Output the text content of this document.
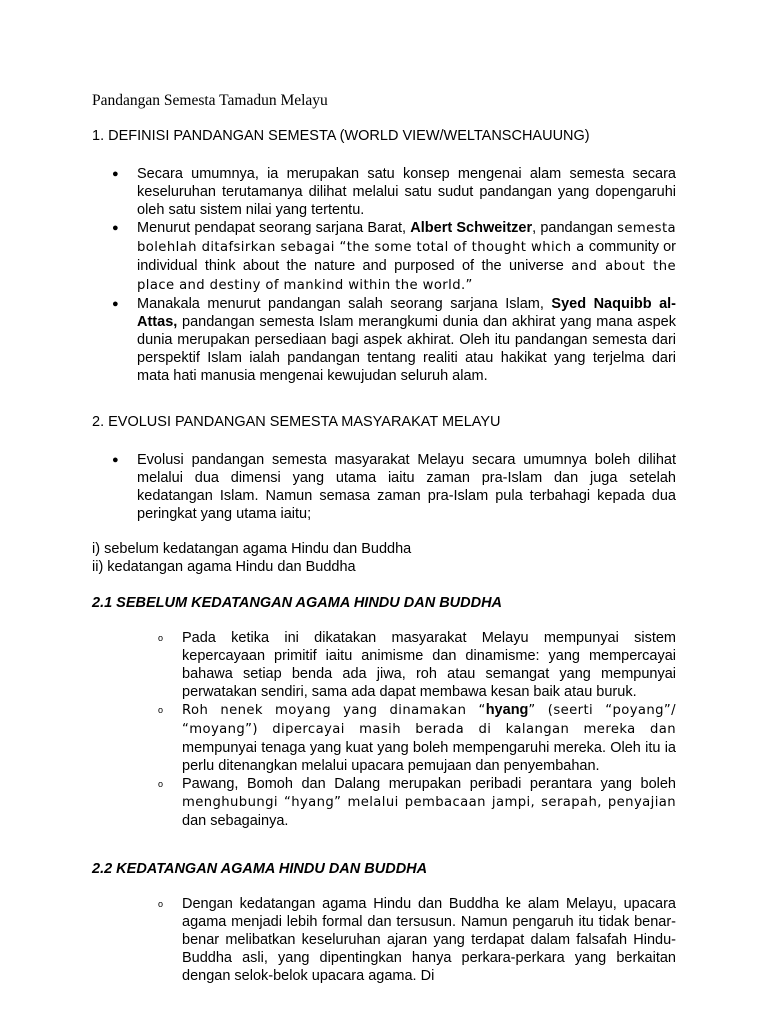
Pandangan Semesta Tamadun Melayu
1. DEFINISI PANDANGAN SEMESTA (WORLD VIEW/WELTANSCHAUUNG)
● Secara umumnya, ia merupakan satu konsep mengenai alam semesta secara keseluruhan terutamanya dilihat melalui satu sudut pandangan yang dopengaruhi oleh satu sistem nilai yang tertentu.
● Menurut pendapat seorang sarjana Barat, Albert Schweitzer, pandangan semesta bolehlah ditafsirkan sebagai “the some total of thought which a community or individual think about the nature and purposed of the universe and about the place and destiny of mankind within the world.”
● Manakala menurut pandangan salah seorang sarjana Islam, Syed Naquibb al-Attas, pandangan semesta Islam merangkumi dunia dan akhirat yang mana aspek dunia merupakan persediaan bagi aspek akhirat. Oleh itu pandangan semesta dari perspektif Islam ialah pandangan tentang realiti atau hakikat yang terjelma dari mata hati manusia mengenai kewujudan seluruh alam.
2. EVOLUSI PANDANGAN SEMESTA MASYARAKAT MELAYU
● Evolusi pandangan semesta masyarakat Melayu secara umumnya boleh dilihat melalui dua dimensi yang utama iaitu zaman pra-Islam dan juga setelah kedatangan Islam. Namun semasa zaman pra-Islam pula terbahagi kepada dua peringkat yang utama iaitu;

i) sebelum kedatangan agama Hindu dan Buddha

ii) kedatangan agama Hindu dan Buddha

2.1 SEBELUM KEDATANGAN AGAMA HINDU DAN BUDDHA
o Pada ketika ini dikatakan masyarakat Melayu mempunyai sistem kepercayaan primitif iaitu animisme dan dinamisme: yang mempercayai bahawa setiap benda ada jiwa, roh atau semangat yang mempunyai perwatakan sendiri, sama ada dapat membawa kesan baik atau buruk.
o Roh nenek moyang yang dinamakan “hyang” (seerti “poyang”/ “moyang”) dipercayai masih berada di kalangan mereka dan mempunyai tenaga yang kuat yang boleh mempengaruhi mereka. Oleh itu ia perlu ditenangkan melalui upacara pemujaan dan penyembahan.
o Pawang, Bomoh dan Dalang merupakan peribadi perantara yang boleh menghubungi “hyang” melalui pembacaan jampi, serapah, penyajian dan sebagainya.
2.2 KEDATANGAN AGAMA HINDU DAN BUDDHA
o Dengan kedatangan agama Hindu dan Buddha ke alam Melayu, upacara agama menjadi lebih formal dan tersusun. Namun pengaruh itu tidak benar-benar melibatkan keseluruhan ajaran yang terdapat dalam falsafah Hindu-Buddha asli, yang dipentingkan hanya perkara-perkara yang berkaitan dengan selok-belok upacara agama. Di
